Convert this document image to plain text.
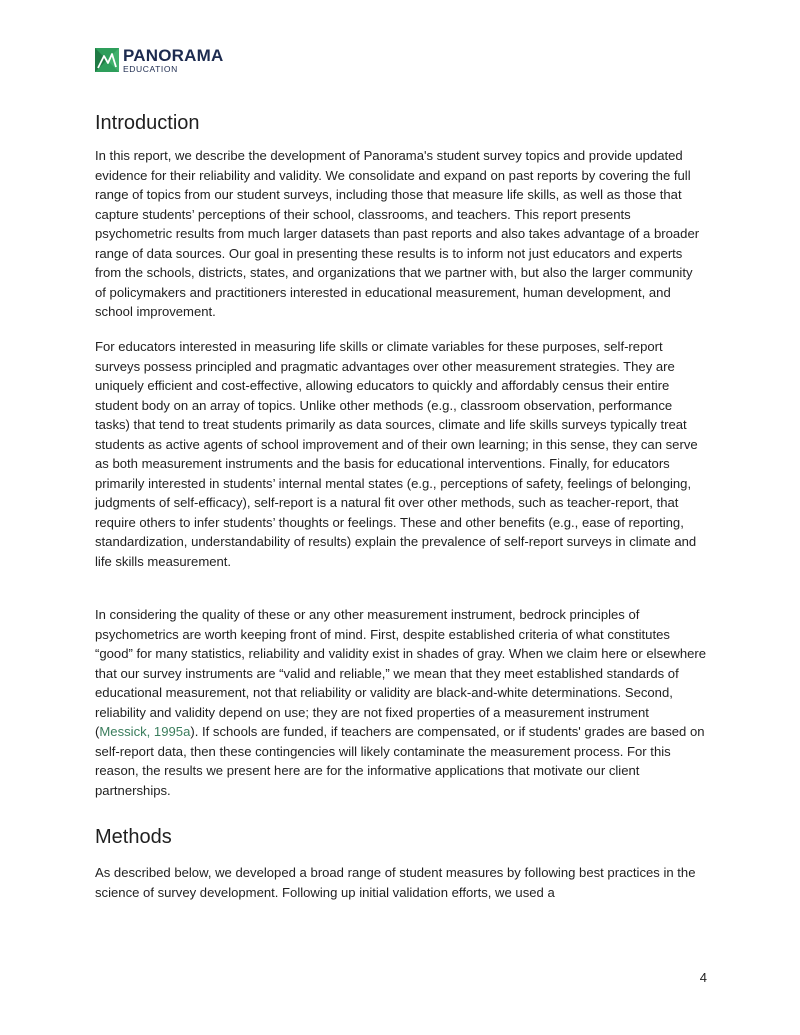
PANORAMA
EDUCATION
Introduction

In this report, we describe the development of Panorama's student survey topics and provide updated evidence for their reliability and validity. We consolidate and expand on past reports by covering the full range of topics from our student surveys, including those that measure life skills, as well as those that capture students’ perceptions of their school, classrooms, and teachers. This report presents psychometric results from much larger datasets than past reports and also takes advantage of a broader range of data sources. Our goal in presenting these results is to inform not just educators and experts from the schools, districts, states, and organizations that we partner with, but also the larger community of policymakers and practitioners interested in educational measurement, human development, and school improvement.

For educators interested in measuring life skills or climate variables for these purposes, self-report surveys possess principled and pragmatic advantages over other measurement strategies. They are uniquely efficient and cost-effective, allowing educators to quickly and affordably census their entire student body on an array of topics. Unlike other methods (e.g., classroom observation, performance tasks) that tend to treat students primarily as data sources, climate and life skills surveys typically treat students as active agents of school improvement and of their own learning; in this sense, they can serve as both measurement instruments and the basis for educational interventions. Finally, for educators primarily interested in students’ internal mental states (e.g., perceptions of safety, feelings of belonging, judgments of self-efficacy), self-report is a natural fit over other methods, such as teacher-report, that require others to infer students’ thoughts or feelings. These and other benefits (e.g., ease of reporting, standardization, understandability of results) explain the prevalence of self-report surveys in climate and life skills measurement.

In considering the quality of these or any other measurement instrument, bedrock principles of psychometrics are worth keeping front of mind. First, despite established criteria of what constitutes “good” for many statistics, reliability and validity exist in shades of gray. When we claim here or elsewhere that our survey instruments are “valid and reliable,” we mean that they meet established standards of educational measurement, not that reliability or validity are black-and-white determinations. Second, reliability and validity depend on use; they are not fixed properties of a measurement instrument (Messick, 1995a). If schools are funded, if teachers are compensated, or if students' grades are based on self-report data, then these contingencies will likely contaminate the measurement process. For this reason, the results we present here are for the informative applications that motivate our client partnerships.

Methods

As described below, we developed a broad range of student measures by following best practices in the science of survey development. Following up initial validation efforts, we used a

4
